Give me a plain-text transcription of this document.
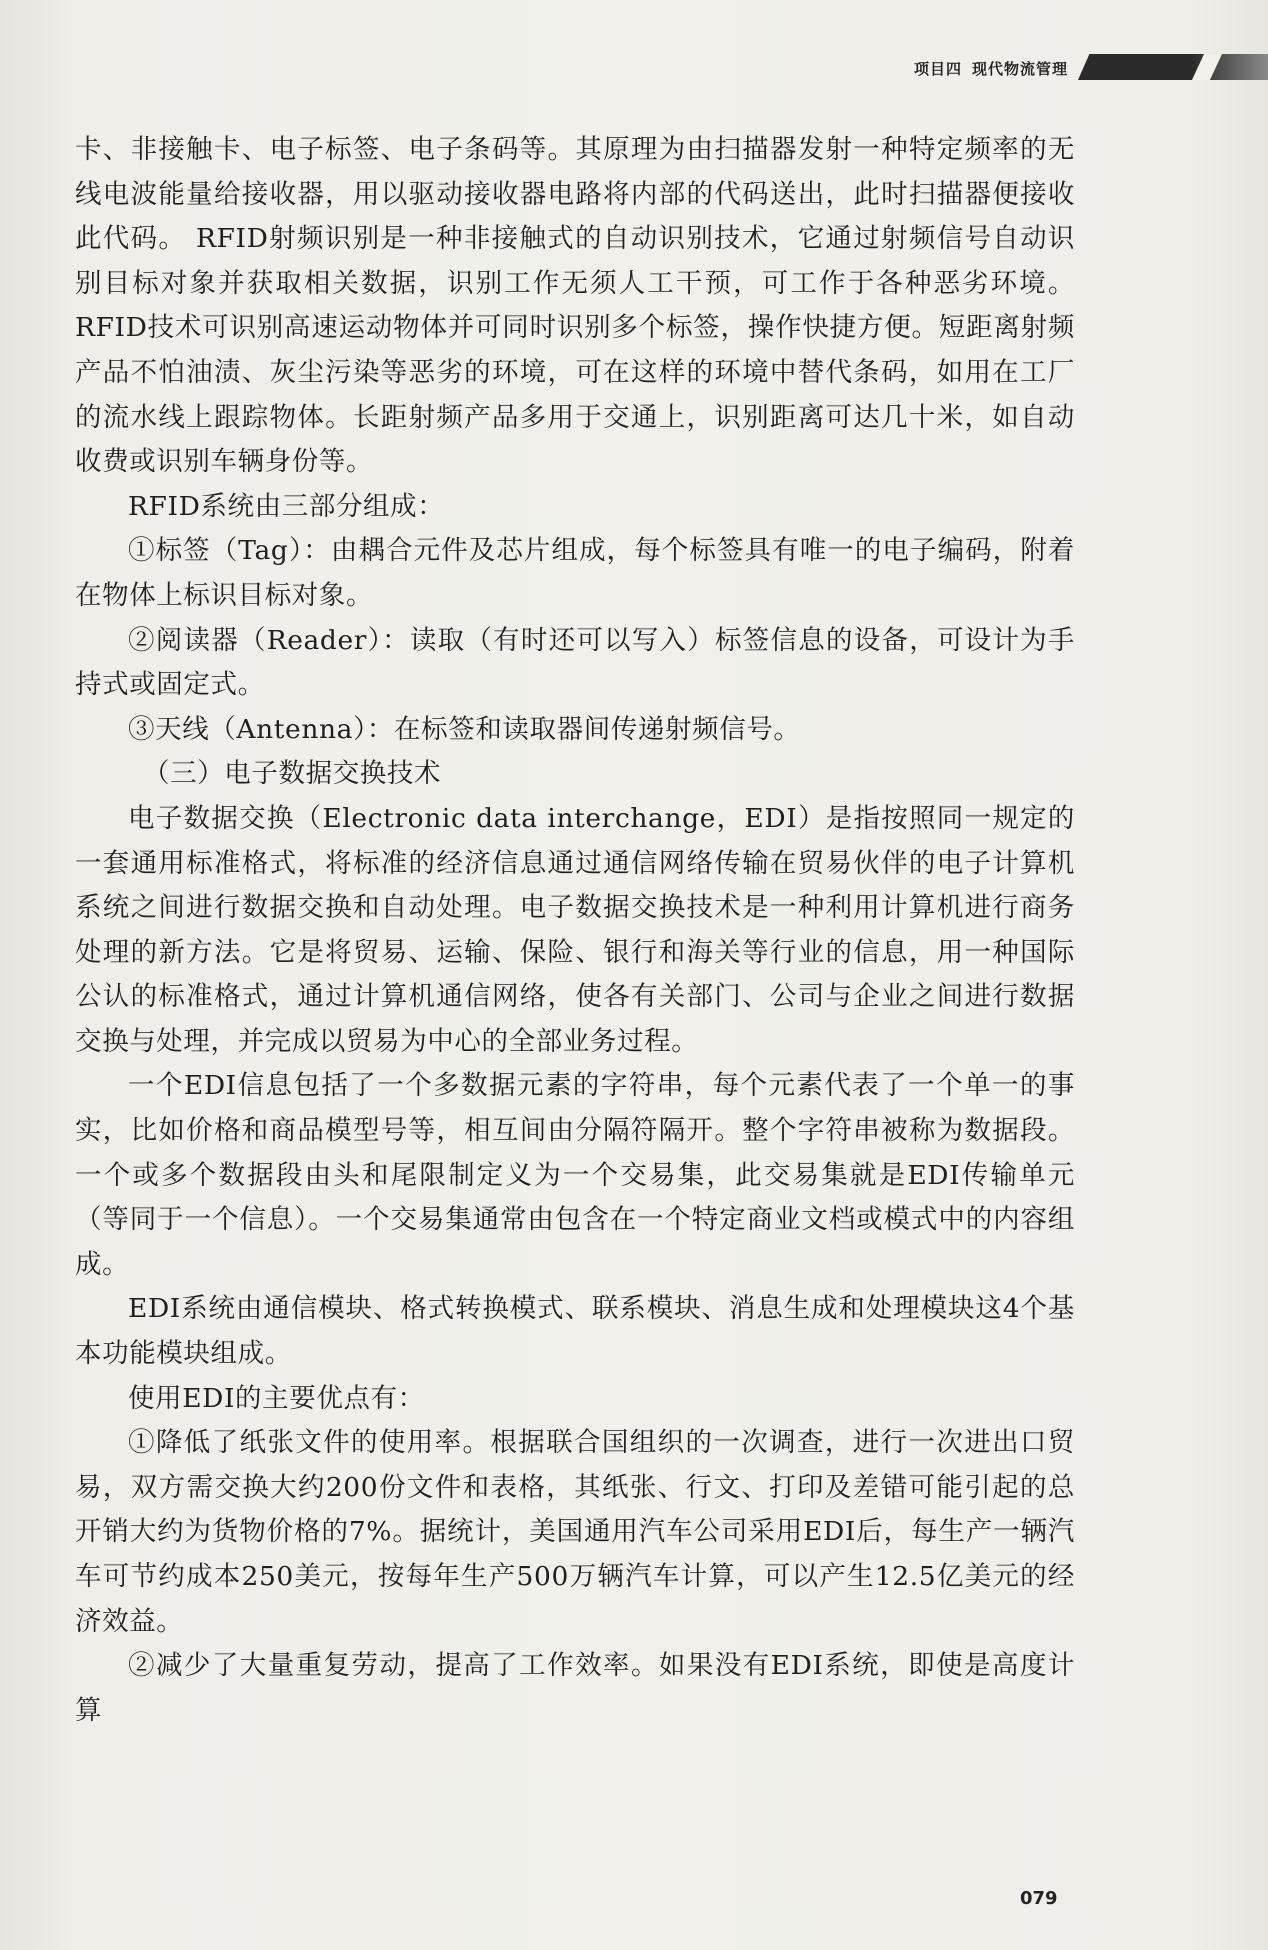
项目四 现代物流管理

卡、非接触卡、电子标签、电子条码等。其原理为由扫描器发射一种特定频率的无线电波能量给接收器，用以驱动接收器电路将内部的代码送出，此时扫描器便接收此代码。 RFID射频识别是一种非接触式的自动识别技术，它通过射频信号自动识别目标对象并获取相关数据，识别工作无须人工干预，可工作于各种恶劣环境。RFID技术可识别高速运动物体并可同时识别多个标签，操作快捷方便。短距离射频产品不怕油渍、灰尘污染等恶劣的环境，可在这样的环境中替代条码，如用在工厂的流水线上跟踪物体。长距射频产品多用于交通上，识别距离可达几十米，如自动收费或识别车辆身份等。

RFID系统由三部分组成：

①标签（Tag）：由耦合元件及芯片组成，每个标签具有唯一的电子编码，附着在物体上标识目标对象。

②阅读器（Reader）：读取（有时还可以写入）标签信息的设备，可设计为手持式或固定式。

③天线（Antenna）：在标签和读取器间传递射频信号。

（三）电子数据交换技术

电子数据交换（Electronic data interchange，EDI）是指按照同一规定的一套通用标准格式，将标准的经济信息通过通信网络传输在贸易伙伴的电子计算机系统之间进行数据交换和自动处理。电子数据交换技术是一种利用计算机进行商务处理的新方法。它是将贸易、运输、保险、银行和海关等行业的信息，用一种国际公认的标准格式，通过计算机通信网络，使各有关部门、公司与企业之间进行数据交换与处理，并完成以贸易为中心的全部业务过程。

一个EDI信息包括了一个多数据元素的字符串，每个元素代表了一个单一的事实，比如价格和商品模型号等，相互间由分隔符隔开。整个字符串被称为数据段。一个或多个数据段由头和尾限制定义为一个交易集，此交易集就是EDI传输单元（等同于一个信息）。一个交易集通常由包含在一个特定商业文档或模式中的内容组成。

EDI系统由通信模块、格式转换模式、联系模块、消息生成和处理模块这4个基本功能模块组成。

使用EDI的主要优点有：

①降低了纸张文件的使用率。根据联合国组织的一次调查，进行一次进出口贸易，双方需交换大约200份文件和表格，其纸张、行文、打印及差错可能引起的总开销大约为货物价格的7%。据统计，美国通用汽车公司采用EDI后，每生产一辆汽车可节约成本250美元，按每年生产500万辆汽车计算，可以产生12.5亿美元的经济效益。

②减少了大量重复劳动，提高了工作效率。如果没有EDI系统，即使是高度计算

079
